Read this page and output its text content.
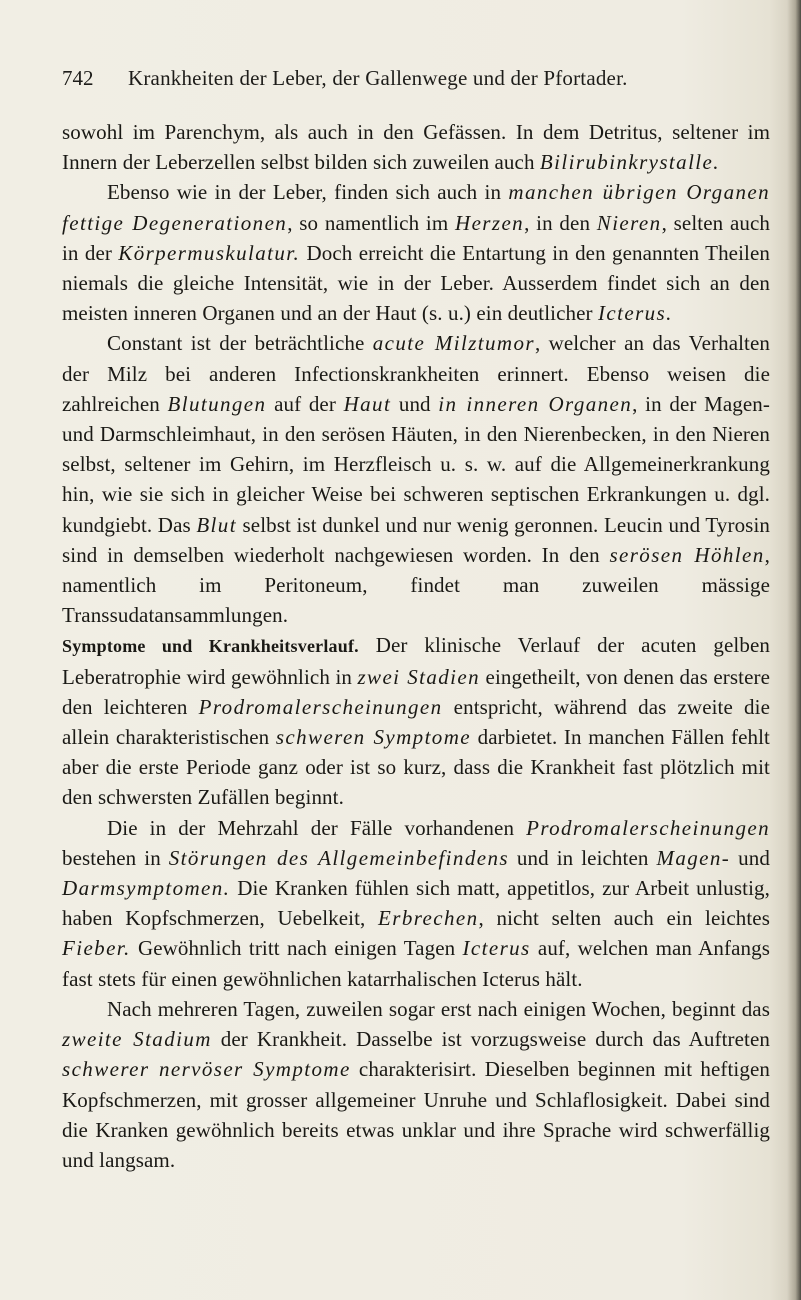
742 Krankheiten der Leber, der Gallenwege und der Pfortader.

sowohl im Parenchym, als auch in den Gefässen. In dem Detritus, seltener im Innern der Leberzellen selbst bilden sich zuweilen auch Bilirubinkrystalle.

Ebenso wie in der Leber, finden sich auch in manchen übrigen Organen fettige Degenerationen, so namentlich im Herzen, in den Nieren, selten auch in der Körpermuskulatur. Doch erreicht die Entartung in den genannten Theilen niemals die gleiche Intensität, wie in der Leber. Ausserdem findet sich an den meisten inneren Organen und an der Haut (s. u.) ein deutlicher Icterus.

Constant ist der beträchtliche acute Milztumor, welcher an das Verhalten der Milz bei anderen Infectionskrankheiten erinnert. Ebenso weisen die zahlreichen Blutungen auf der Haut und in inneren Organen, in der Magen- und Darmschleimhaut, in den serösen Häuten, in den Nierenbecken, in den Nieren selbst, seltener im Gehirn, im Herzfleisch u. s. w. auf die Allgemeinerkrankung hin, wie sie sich in gleicher Weise bei schweren septischen Erkrankungen u. dgl. kundgiebt. Das Blut selbst ist dunkel und nur wenig geronnen. Leucin und Tyrosin sind in demselben wiederholt nachgewiesen worden. In den serösen Höhlen, namentlich im Peritoneum, findet man zuweilen mässige Transsudatansammlungen.

Symptome und Krankheitsverlauf. Der klinische Verlauf der acuten gelben Leberatrophie wird gewöhnlich in zwei Stadien eingetheilt, von denen das erstere den leichteren Prodromalerscheinungen entspricht, während das zweite die allein charakteristischen schweren Symptome darbietet. In manchen Fällen fehlt aber die erste Periode ganz oder ist so kurz, dass die Krankheit fast plötzlich mit den schwersten Zufällen beginnt.

Die in der Mehrzahl der Fälle vorhandenen Prodromalerscheinungen bestehen in Störungen des Allgemeinbefindens und in leichten Magen- und Darmsymptomen. Die Kranken fühlen sich matt, appetitlos, zur Arbeit unlustig, haben Kopfschmerzen, Uebelkeit, Erbrechen, nicht selten auch ein leichtes Fieber. Gewöhnlich tritt nach einigen Tagen Icterus auf, welchen man Anfangs fast stets für einen gewöhnlichen katarrhalischen Icterus hält.

Nach mehreren Tagen, zuweilen sogar erst nach einigen Wochen, beginnt das zweite Stadium der Krankheit. Dasselbe ist vorzugsweise durch das Auftreten schwerer nervöser Symptome charakterisirt. Dieselben beginnen mit heftigen Kopfschmerzen, mit grosser allgemeiner Unruhe und Schlaflosigkeit. Dabei sind die Kranken gewöhnlich bereits etwas unklar und ihre Sprache wird schwerfällig und langsam.
